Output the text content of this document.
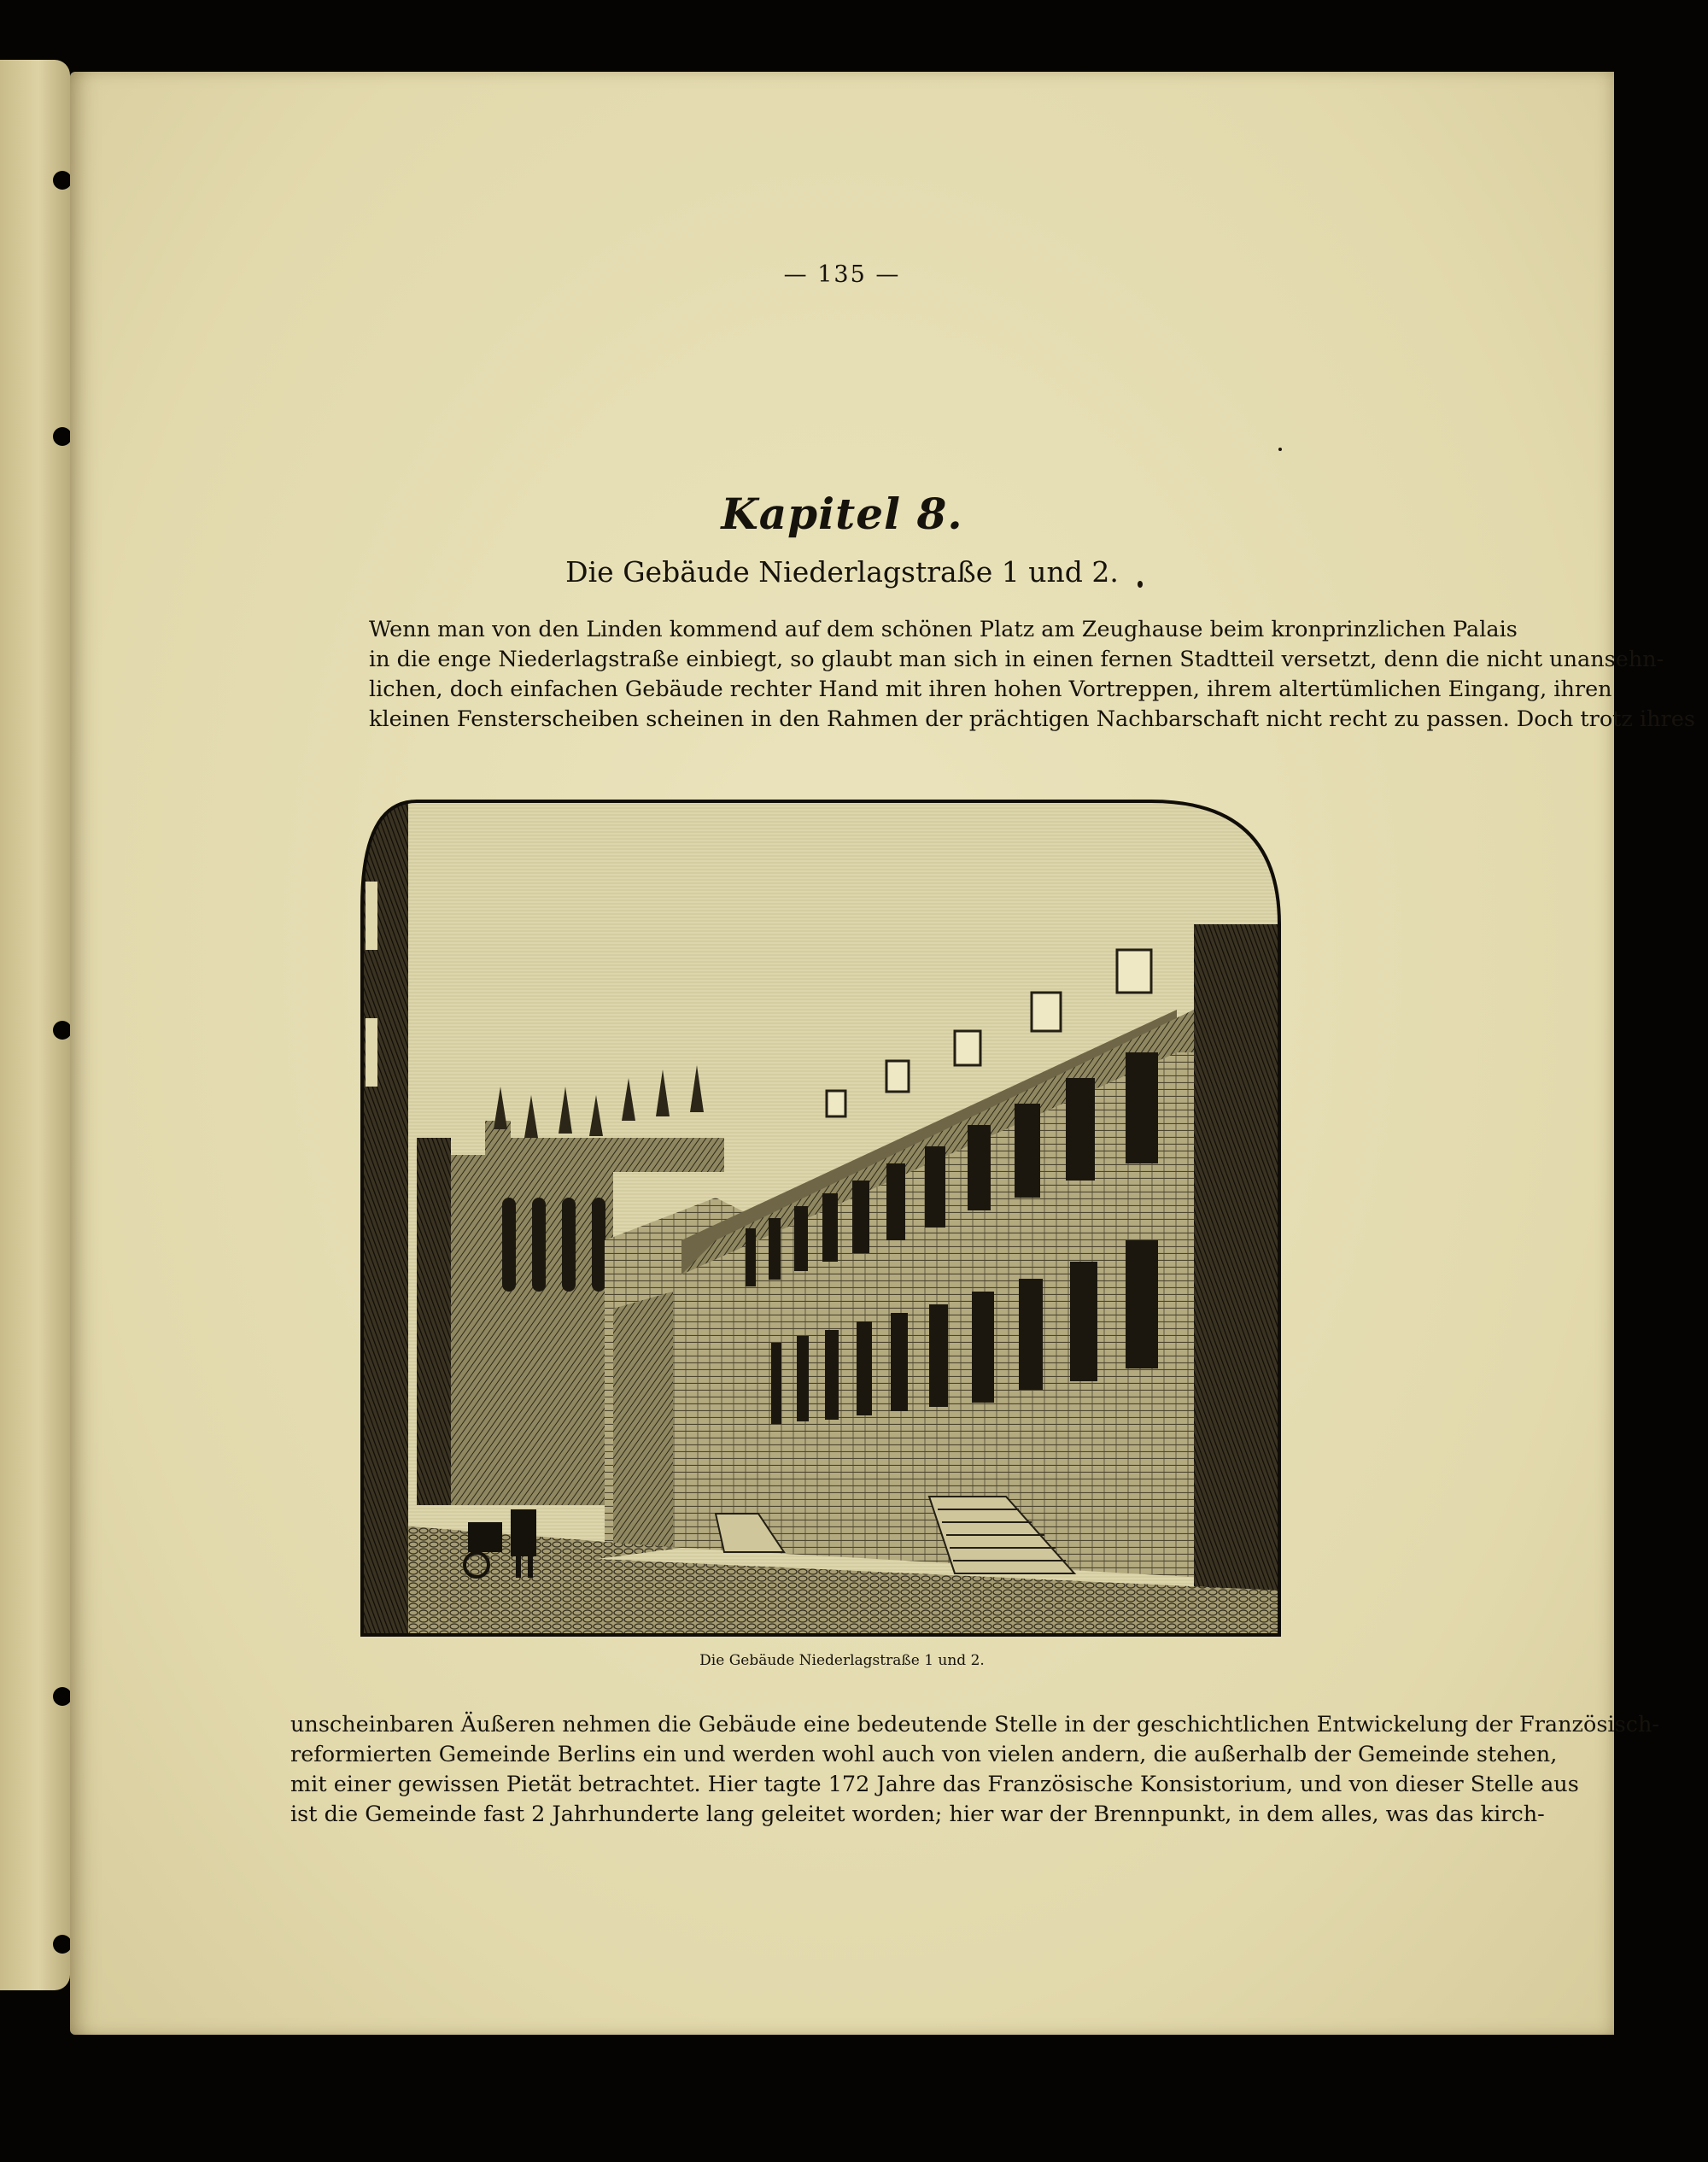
— 135 —
Kapitel 8.
Die Gebäude Niederlagstraße 1 und 2.

Wenn man von den Linden kommend auf dem schönen Platz am Zeughause beim kronprinzlichen Palais
in die enge Niederlagstraße einbiegt, so glaubt man sich in einen fernen Stadtteil versetzt, denn die nicht unansehn-
lichen, doch einfachen Gebäude rechter Hand mit ihren hohen Vortreppen, ihrem altertümlichen Eingang, ihren
kleinen Fensterscheiben scheinen in den Rahmen der prächtigen Nachbarschaft nicht recht zu passen. Doch trotz ihres

Die Gebäude Niederlagstraße 1 und 2.

unscheinbaren Äußeren nehmen die Gebäude eine bedeutende Stelle in der geschichtlichen Entwickelung der Französisch-
reformierten Gemeinde Berlins ein und werden wohl auch von vielen andern, die außerhalb der Gemeinde stehen,
mit einer gewissen Pietät betrachtet. Hier tagte 172 Jahre das Französische Konsistorium, und von dieser Stelle aus
ist die Gemeinde fast 2 Jahrhunderte lang geleitet worden; hier war der Brennpunkt, in dem alles, was das kirch-
